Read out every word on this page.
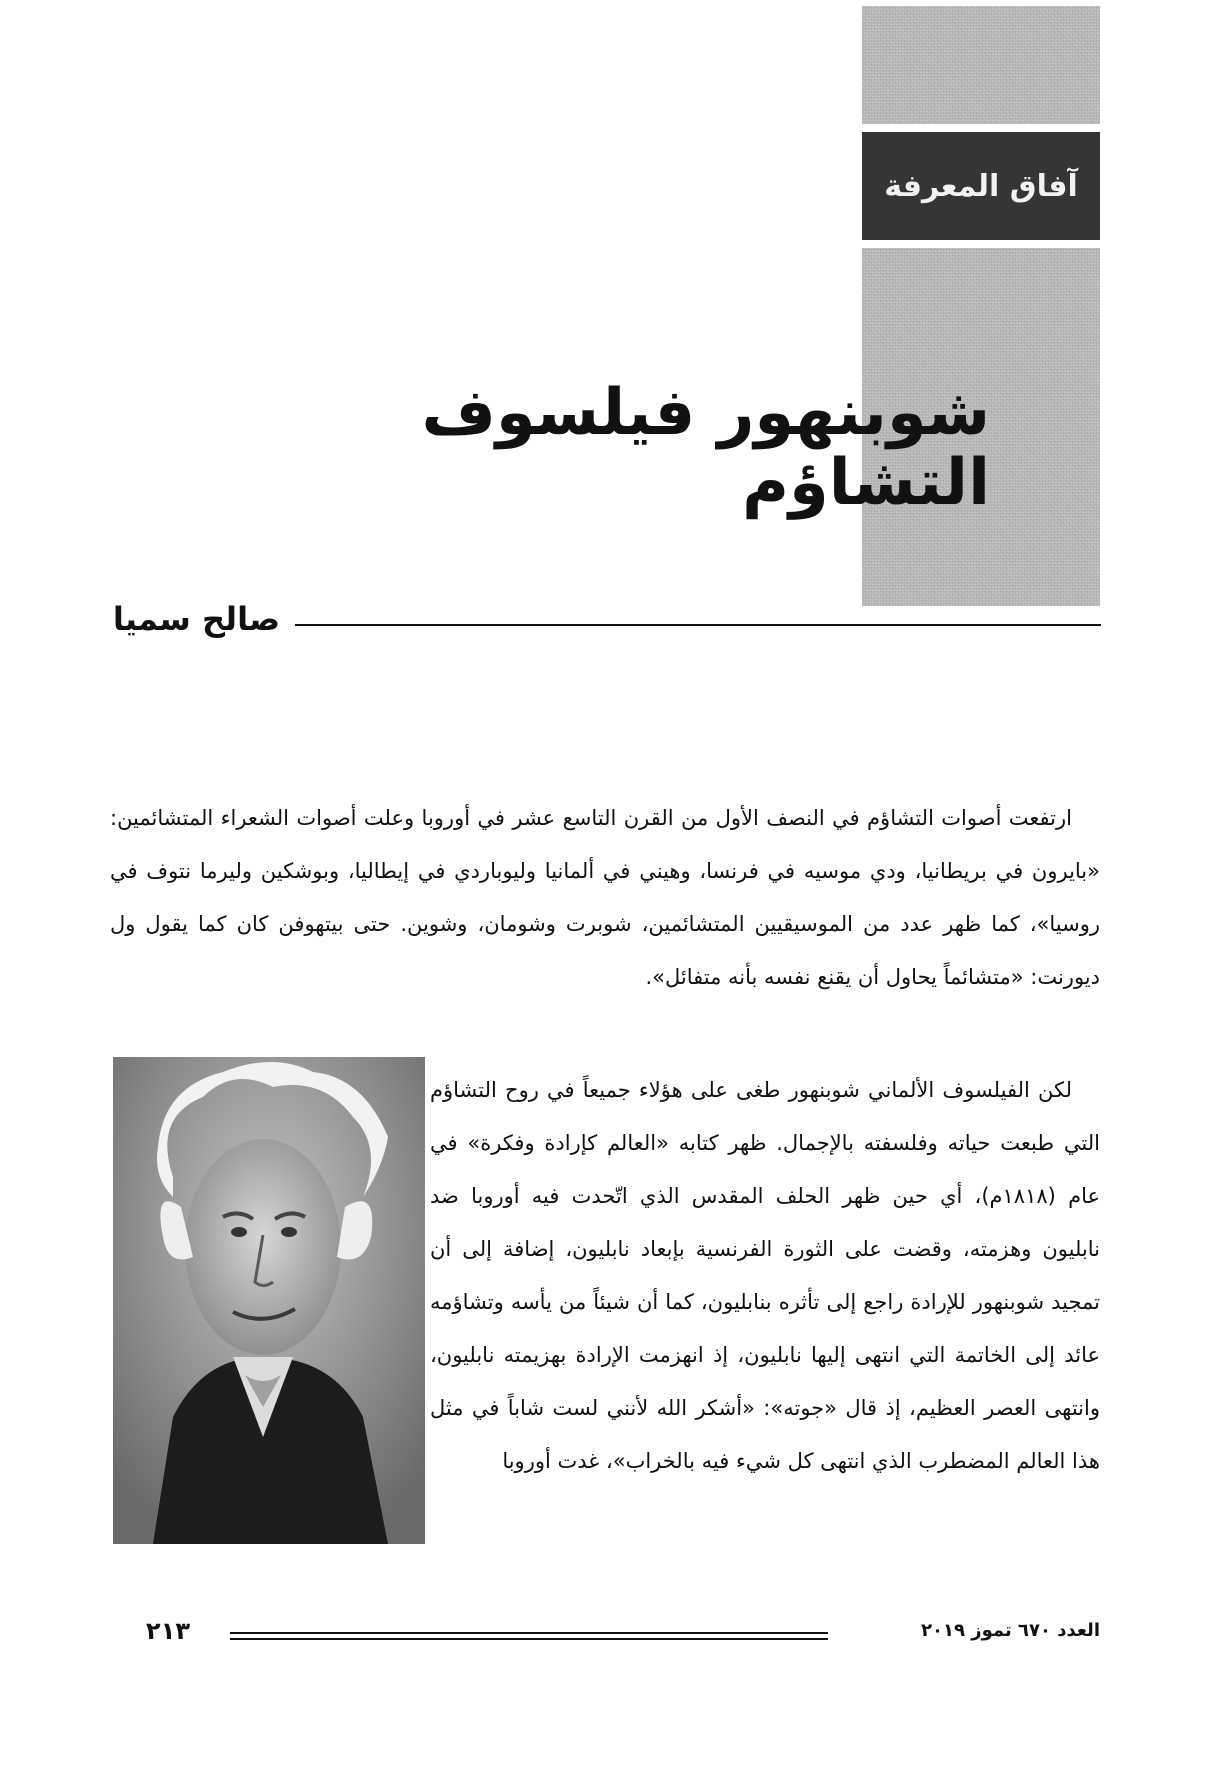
آفاق المعرفة
شوبنهور فيلسوف التشاؤم
صالح سميا

ارتفعت أصوات التشاؤم في النصف الأول من القرن التاسع عشر في أوروبا وعلت أصوات الشعراء المتشائمين: «بايرون في بريطانيا، ودي موسيه في فرنسا، وهيني في ألمانيا وليوباردي في إيطاليا، وبوشكين وليرما نتوف في روسيا»، كما ظهر عدد من الموسيقيين المتشائمين، شوبرت وشومان، وشوين. حتى بيتهوفن كان كما يقول ول ديورنت: «متشائماً يحاول أن يقنع نفسه بأنه متفائل».

لكن الفيلسوف الألماني شوبنهور طغى على هؤلاء جميعاً في روح التشاؤم التي طبعت حياته وفلسفته بالإجمال. ظهر كتابه «العالم كإرادة وفكرة» في عام (١٨١٨م)، أي حين ظهر الحلف المقدس الذي اتّحدت فيه أوروبا ضد نابليون وهزمته، وقضت على الثورة الفرنسية بإبعاد نابليون، إضافة إلى أن تمجيد شوبنهور للإرادة راجع إلى تأثره بنابليون، كما أن شيئاً من يأسه وتشاؤمه عائد إلى الخاتمة التي انتهى إليها نابليون، إذ انهزمت الإرادة بهزيمته نابليون، وانتهى العصر العظيم، إذ قال «جوته»: «أشكر الله لأنني لست شاباً في مثل هذا العالم المضطرب الذي انتهى كل شيء فيه بالخراب»، غدت أوروبا

٢١٣	العدد ٦٧٠ تموز ٢٠١٩
